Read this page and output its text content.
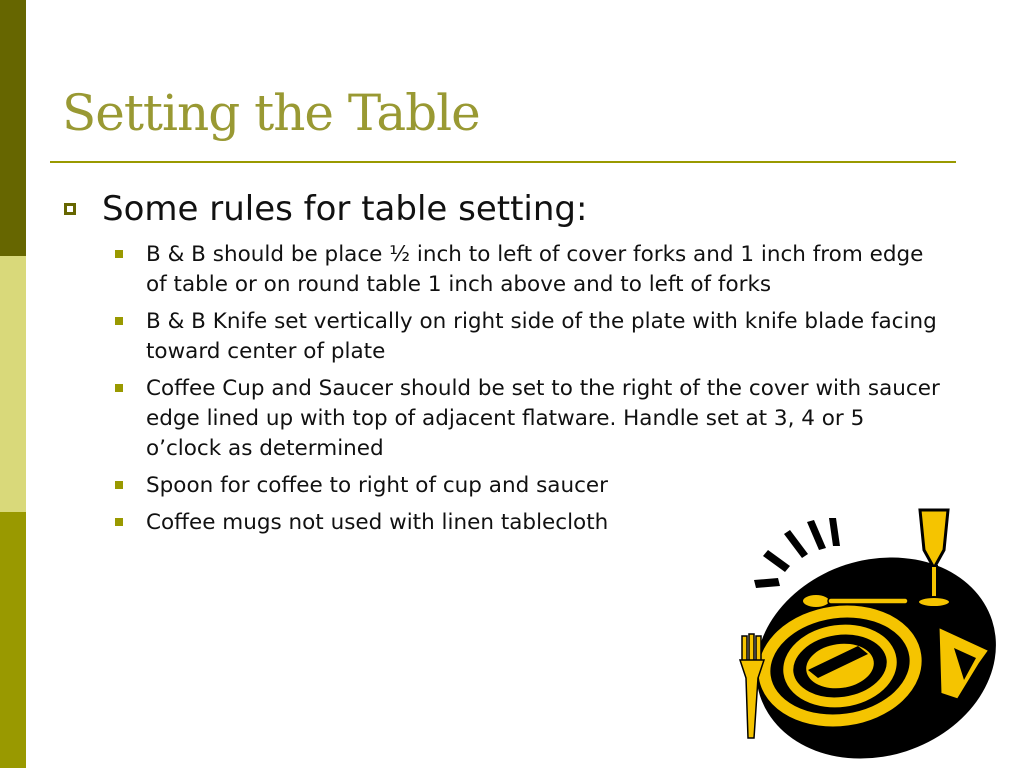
Setting the Table
Some rules for table setting:
B & B should be place ½ inch to left of cover forks and 1 inch from edge of table or on round table 1 inch above and to left of forks
B & B Knife set vertically on right side of the plate with knife blade facing toward center of plate
Coffee Cup and Saucer should be set to the right of the cover with saucer edge lined up with top of adjacent flatware. Handle set at 3, 4 or 5 o’clock as determined
Spoon for coffee to right of cup and saucer
Coffee mugs not used with linen tablecloth
